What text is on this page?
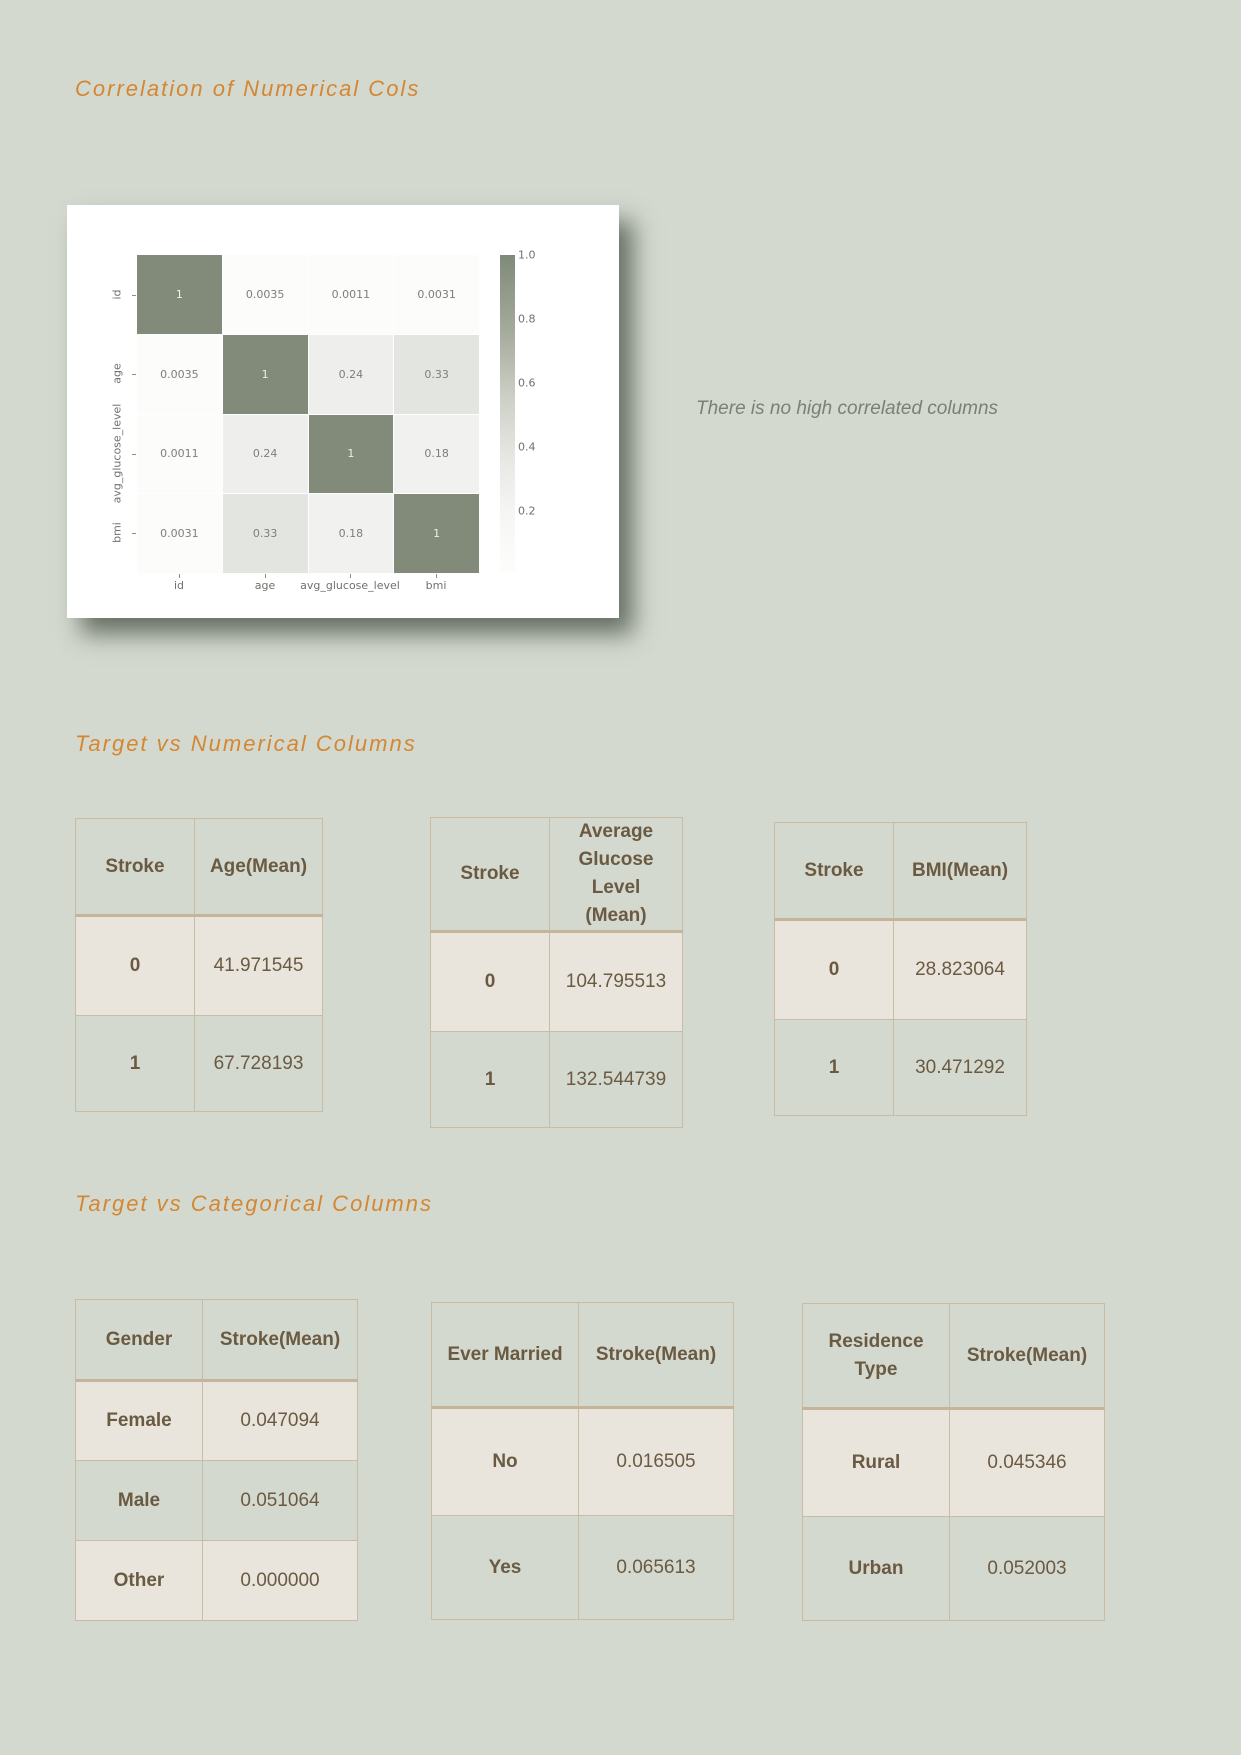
Correlation of Numerical Cols
1	0.0035	0.0011	0.0031
0.0035	1	0.24	0.33
0.0011	0.24	1	0.18
0.0031	0.33	0.18	1
id
age
avg_glucose_level
bmi
id	age avg_glucose_level bmi
1.0
0.8
0.6
0.4
0.2
There is no high correlated columns
Target vs Numerical Columns
Stroke	Age(Mean)
0	41.971545
1	67.728193
Stroke	Average Glucose Level (Mean)
0	104.795513
1	132.544739
Stroke	BMI(Mean)
0	28.823064
1	30.471292
Target vs Categorical Columns
Gender	Stroke(Mean)
Female	0.047094
Male	0.051064
Other	0.000000
Ever Married	Stroke(Mean)
No	0.016505
Yes	0.065613
Residence Type	Stroke(Mean)
Rural	0.045346
Urban	0.052003
